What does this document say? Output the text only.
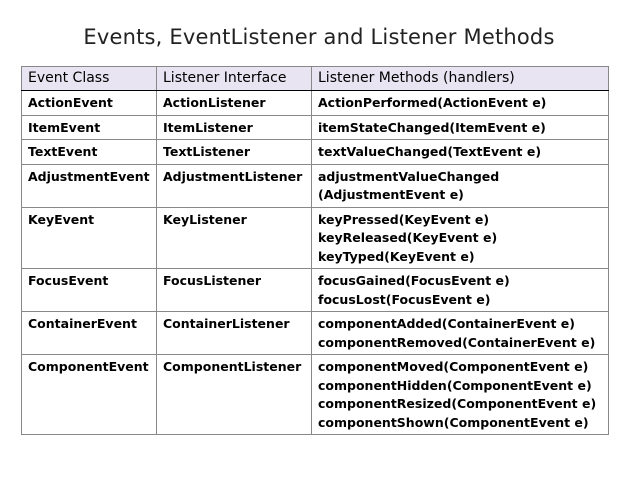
Events, EventListener and Listener Methods
Event Class	Listener Interface	Listener Methods (handlers)
ActionEvent	ActionListener	ActionPerformed(ActionEvent e)

ItemEvent	ItemListener	itemStateChanged(ItemEvent e)

TextEvent	TextListener	textValueChanged(TextEvent e)

AdjustmentEvent	AdjustmentListener	adjustmentValueChanged
(AdjustmentEvent e)

KeyEvent	KeyListener	keyPressed(KeyEvent e)
keyReleased(KeyEvent e)
keyTyped(KeyEvent e)

FocusEvent	FocusListener	focusGained(FocusEvent e)
focusLost(FocusEvent e)

ContainerEvent	ContainerListener	componentAdded(ContainerEvent e)
componentRemoved(ContainerEvent e)

ComponentEvent	ComponentListener	componentMoved(ComponentEvent e)
componentHidden(ComponentEvent e)
componentResized(ComponentEvent e)
componentShown(ComponentEvent e)
